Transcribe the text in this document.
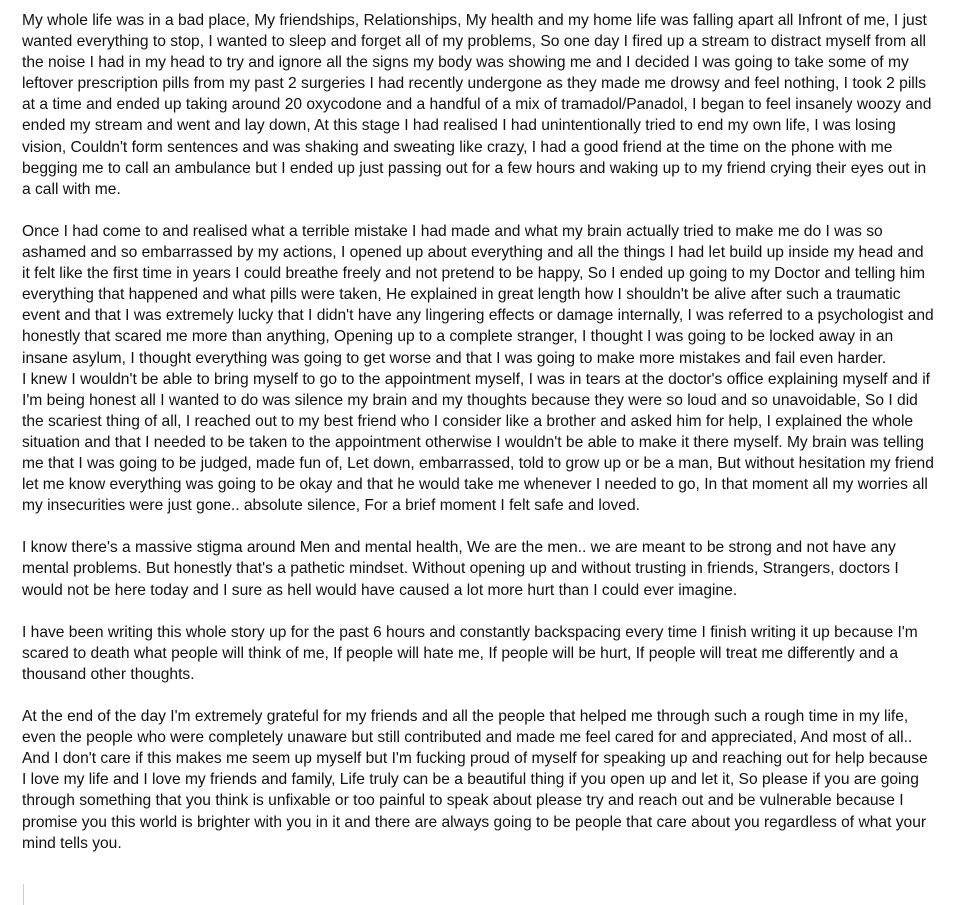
My whole life was in a bad place, My friendships, Relationships, My health and my home life was falling apart all Infront of me, I just wanted everything to stop, I wanted to sleep and forget all of my problems, So one day I fired up a stream to distract myself from all the noise I had in my head to try and ignore all the signs my body was showing me and I decided I was going to take some of my leftover prescription pills from my past 2 surgeries I had recently undergone as they made me drowsy and feel nothing, I took 2 pills at a time and ended up taking around 20 oxycodone and a handful of a mix of tramadol/Panadol, I began to feel insanely woozy and ended my stream and went and lay down, At this stage I had realised I had unintentionally tried to end my own life, I was losing vision, Couldn't form sentences and was shaking and sweating like crazy, I had a good friend at the time on the phone with me begging me to call an ambulance but I ended up just passing out for a few hours and waking up to my friend crying their eyes out in a call with me.

Once I had come to and realised what a terrible mistake I had made and what my brain actually tried to make me do I was so ashamed and so embarrassed by my actions, I opened up about everything and all the things I had let build up inside my head and it felt like the first time in years I could breathe freely and not pretend to be happy, So I ended up going to my Doctor and telling him everything that happened and what pills were taken, He explained in great length how I shouldn't be alive after such a traumatic event and that I was extremely lucky that I didn't have any lingering effects or damage internally, I was referred to a psychologist and honestly that scared me more than anything, Opening up to a complete stranger, I thought I was going to be locked away in an insane asylum, I thought everything was going to get worse and that I was going to make more mistakes and fail even harder.

I knew I wouldn't be able to bring myself to go to the appointment myself, I was in tears at the doctor's office explaining myself and if I'm being honest all I wanted to do was silence my brain and my thoughts because they were so loud and so unavoidable, So I did the scariest thing of all, I reached out to my best friend who I consider like a brother and asked him for help, I explained the whole situation and that I needed to be taken to the appointment otherwise I wouldn't be able to make it there myself. My brain was telling me that I was going to be judged, made fun of, Let down, embarrassed, told to grow up or be a man, But without hesitation my friend let me know everything was going to be okay and that he would take me whenever I needed to go, In that moment all my worries all my insecurities were just gone.. absolute silence, For a brief moment I felt safe and loved.

I know there's a massive stigma around Men and mental health, We are the men.. we are meant to be strong and not have any mental problems. But honestly that's a pathetic mindset. Without opening up and without trusting in friends, Strangers, doctors I would not be here today and I sure as hell would have caused a lot more hurt than I could ever imagine.

I have been writing this whole story up for the past 6 hours and constantly backspacing every time I finish writing it up because I'm scared to death what people will think of me, If people will hate me, If people will be hurt, If people will treat me differently and a thousand other thoughts.

At the end of the day I'm extremely grateful for my friends and all the people that helped me through such a rough time in my life, even the people who were completely unaware but still contributed and made me feel cared for and appreciated, And most of all.. And I don't care if this makes me seem up myself but I'm fucking proud of myself for speaking up and reaching out for help because I love my life and I love my friends and family, Life truly can be a beautiful thing if you open up and let it, So please if you are going through something that you think is unfixable or too painful to speak about please try and reach out and be vulnerable because I promise you this world is brighter with you in it and there are always going to be people that care about you regardless of what your mind tells you.
